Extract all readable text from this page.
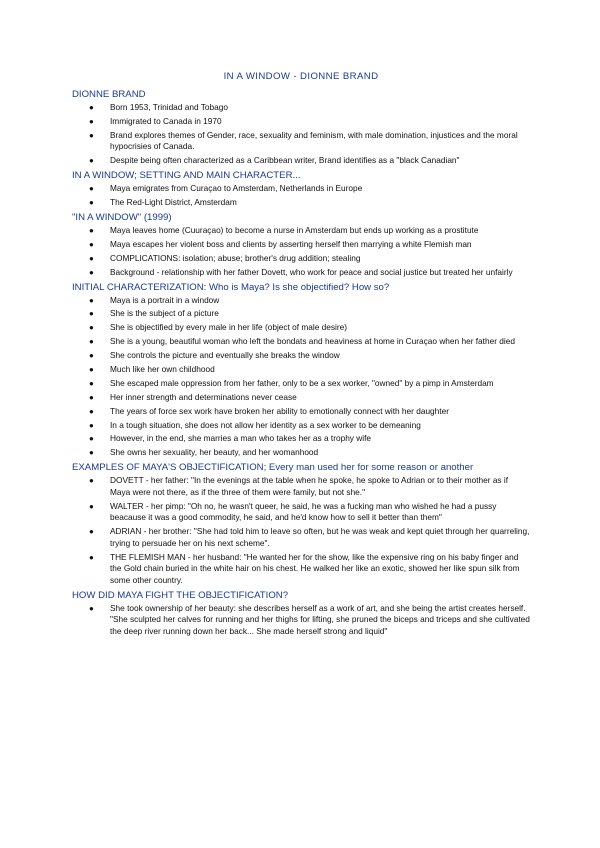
IN A WINDOW - DIONNE BRAND
DIONNE BRAND
● Born 1953, Trinidad and Tobago
● Immigrated to Canada in 1970
● Brand explores themes of Gender, race, sexuality and feminism, with male domination, injustices and the moral hypocrisies of Canada.
● Despite being often characterized as a Caribbean writer, Brand identifies as a "black Canadian"
IN A WINDOW; SETTING AND MAIN CHARACTER...
● Maya emigrates from Curaçao to Amsterdam, Netherlands in Europe
● The Red-Light District, Amsterdam
"IN A WINDOW" (1999)
● Maya leaves home (Cuuraçao) to become a nurse in Amsterdam but ends up working as a prostitute
● Maya escapes her violent boss and clients by asserting herself then marrying a white Flemish man
● COMPLICATIONS: isolation; abuse; brother's drug addition; stealing
● Background - relationship with her father Dovett, who work for peace and social justice but treated her unfairly
INITIAL CHARACTERIZATION: Who is Maya? Is she objectified? How so?
● Maya is a portrait in a window
● She is the subject of a picture
● She is objectified by every male in her life (object of male desire)
● She is a young, beautiful woman who left the bondats and heaviness at home in Curaçao when her father died
● She controls the picture and eventually she breaks the window
● Much like her own childhood
● She escaped male oppression from her father, only to be a sex worker, "owned" by a pimp in Amsterdam
● Her inner strength and determinations never cease
● The years of force sex work have broken her ability to emotionally connect with her daughter
● In a tough situation, she does not allow her identity as a sex worker to be demeaning
● However, in the end, she marries a man who takes her as a trophy wife
● She owns her sexuality, her beauty, and her womanhood
EXAMPLES OF MAYA'S OBJECTIFICATION; Every man used her for some reason or another
● DOVETT - her father: "In the evenings at the table when he spoke, he spoke to Adrian or to their mother as if Maya were not there, as if the three of them were family, but not she."
● WALTER - her pimp: "Oh no, he wasn't queer, he said, he was a fucking man who wished he had a pussy beacause it was a good commodity, he said, and he'd know how to sell it better than them"
● ADRIAN - her brother: "She had told him to leave so often, but he was weak and kept quiet through her quarreling, trying to persuade her on his next scheme".
● THE FLEMISH MAN - her husband: "He wanted her for the show, like the expensive ring on his baby finger and the Gold chain buried in the white hair on his chest. He walked her like an exotic, showed her like spun silk from some other country.
HOW DID MAYA FIGHT THE OBJECTIFICATION?
● She took ownership of her beauty: she describes herself as a work of art, and she being the artist creates herself. "She sculpted her calves for running and her thighs for lifting, she pruned the biceps and triceps and she cultivated the deep river running down her back... She made herself strong and liquid"
